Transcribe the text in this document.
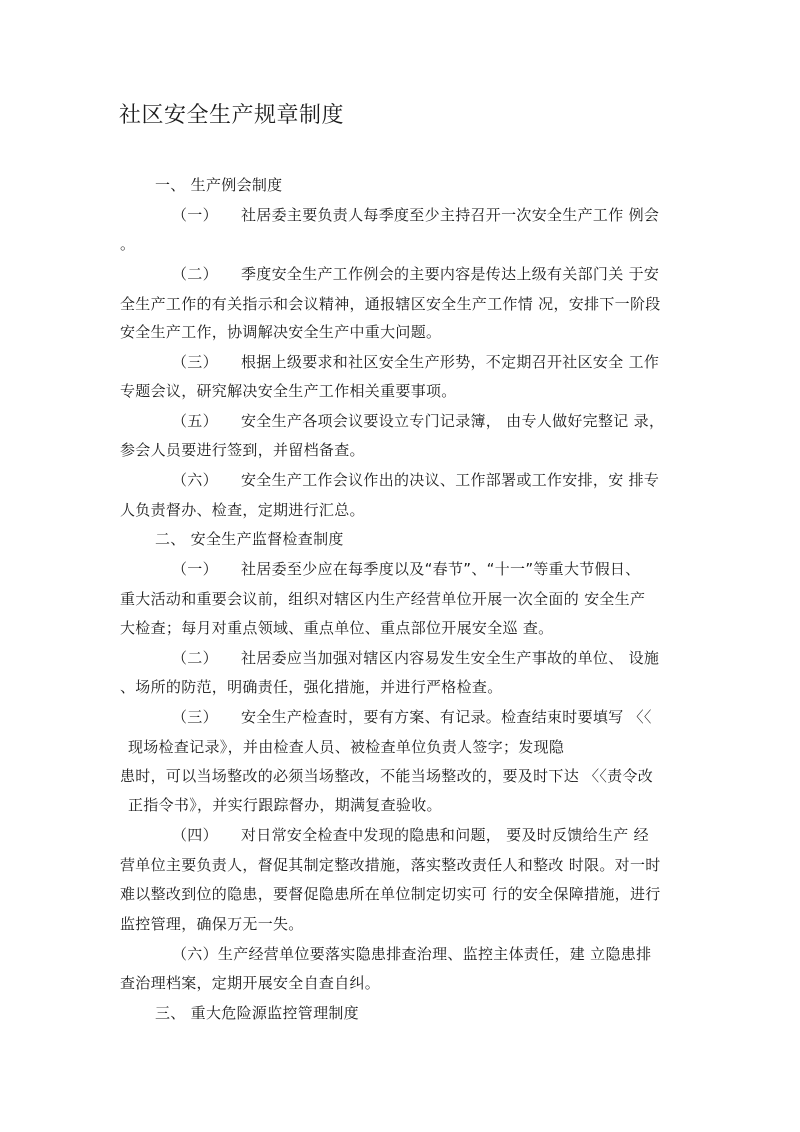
社区安全生产规章制度
一、 生产例会制度
（一）　　社居委主要负责人每季度至少主持召开一次安全生产工作 例会
。
（二）　　季度安全生产工作例会的主要内容是传达上级有关部门关 于安
全生产工作的有关指示和会议精神，通报辖区安全生产工作情 况，安排下一阶段
安全生产工作，协调解决安全生产中重大问题。
（三）　　根据上级要求和社区安全生产形势，不定期召开社区安全 工作
专题会议，研究解决安全生产工作相关重要事项。
（五）　　安全生产各项会议要设立专门记录簿， 由专人做好完整记 录，
参会人员要进行签到，并留档备查。
（六）　　安全生产工作会议作出的决议、工作部署或工作安排，安 排专
人负责督办、检查，定期进行汇总。
二、 安全生产监督检查制度
（一）　　社居委至少应在每季度以及“春节”、“十一”等重大节假日、
重大活动和重要会议前，组织对辖区内生产经营单位开展一次全面的 安全生产
大检查；每月对重点领域、重点单位、重点部位开展安全巡 查。
（二）　　社居委应当加强对辖区内容易发生安全生产事故的单位、 设施
、场所的防范，明确责任，强化措施，并进行严格检查。
（三）　　安全生产检查时，要有方案、有记录。检查结束时要填写 〈〈
现场检查记录》，并由检查人员、被检查单位负责人签字；发现隐
患时，可以当场整改的必须当场整改，不能当场整改的，要及时下达 〈〈责令改
正指令书》，并实行跟踪督办，期满复查验收。
（四）　　对日常安全检查中发现的隐患和问题， 要及时反馈给生产 经
营单位主要负责人，督促其制定整改措施，落实整改责任人和整改 时限。对一时
难以整改到位的隐患，要督促隐患所在单位制定切实可 行的安全保障措施，进行
监控管理，确保万无一失。
（六）生产经营单位要落实隐患排查治理、监控主体责任，建 立隐患排
查治理档案，定期开展安全自查自纠。
三、 重大危险源监控管理制度
